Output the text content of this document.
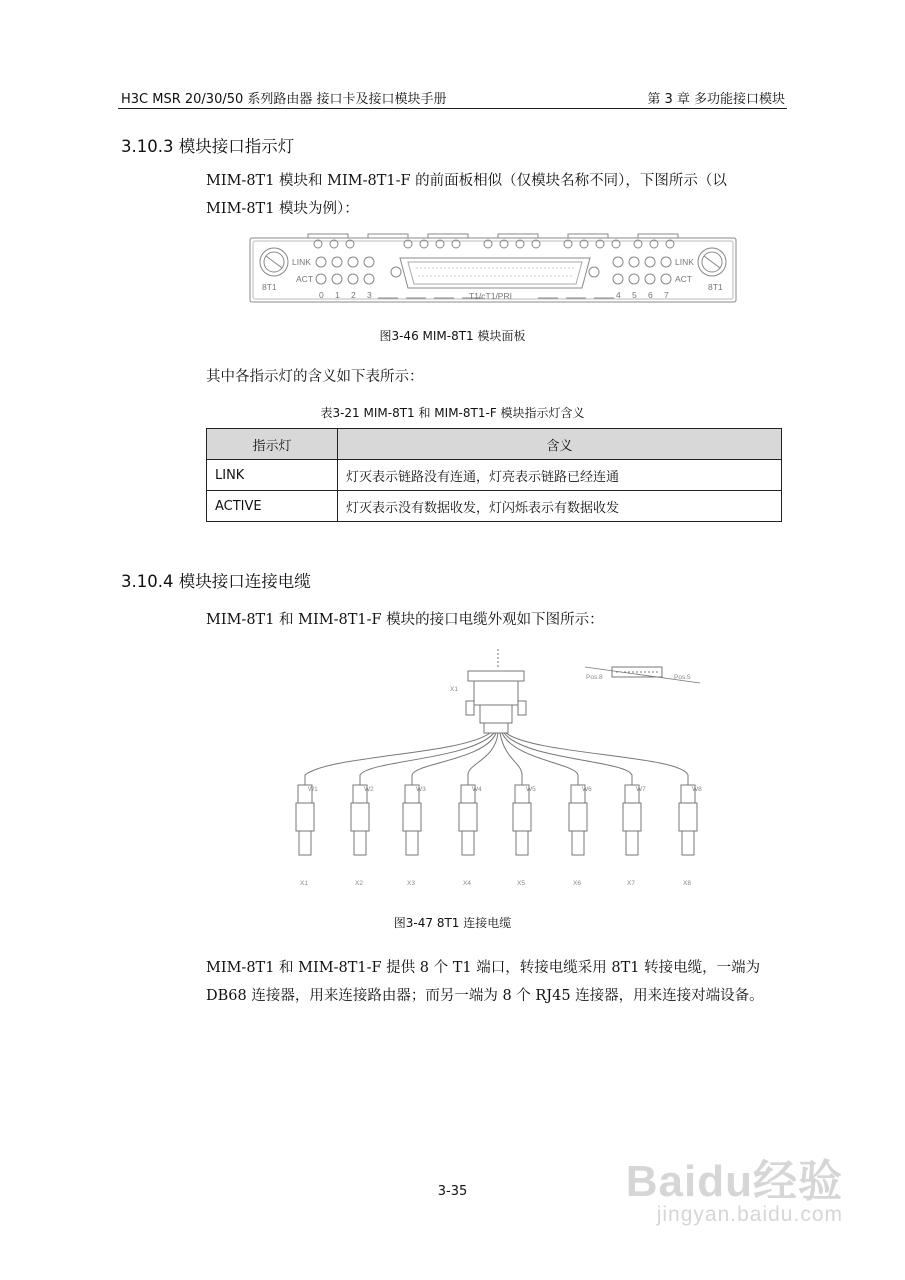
H3C MSR 20/30/50 系列路由器 接口卡及接口模块手册	第 3 章 多功能接口模块
3.10.3 模块接口指示灯
MIM-8T1 模块和 MIM-8T1-F 的前面板相似（仅模块名称不同），下图所示（以
MIM-8T1 模块为例）：
LINK
ACT
LINK
ACT
8T1	8T1
T1/cT1/PRI
0 1 2 3	4 5 6 7
图3-46 MIM-8T1 模块面板
其中各指示灯的含义如下表所示：
表3-21 MIM-8T1 和 MIM-8T1-F 模块指示灯含义
指示灯	含义
LINK	灯灭表示链路没有连通，灯亮表示链路已经连通
ACTIVE	灯灭表示没有数据收发，灯闪烁表示有数据收发
3.10.4 模块接口连接电缆
MIM-8T1 和 MIM-8T1-F 模块的接口电缆外观如下图所示：
X1
Pos.8	Pos.5
W1	W2	W3	W4	W5	W6	W7	W8
X1	X2	X3	X4	X5	X6	X7	X8
图3-47 8T1 连接电缆
MIM-8T1 和 MIM-8T1-F 提供 8 个 T1 端口，转接电缆采用 8T1 转接电缆，一端为
DB68 连接器，用来连接路由器；而另一端为 8 个 RJ45 连接器，用来连接对端设备。
3-35	Baidu经验
jingyan.baidu.com
